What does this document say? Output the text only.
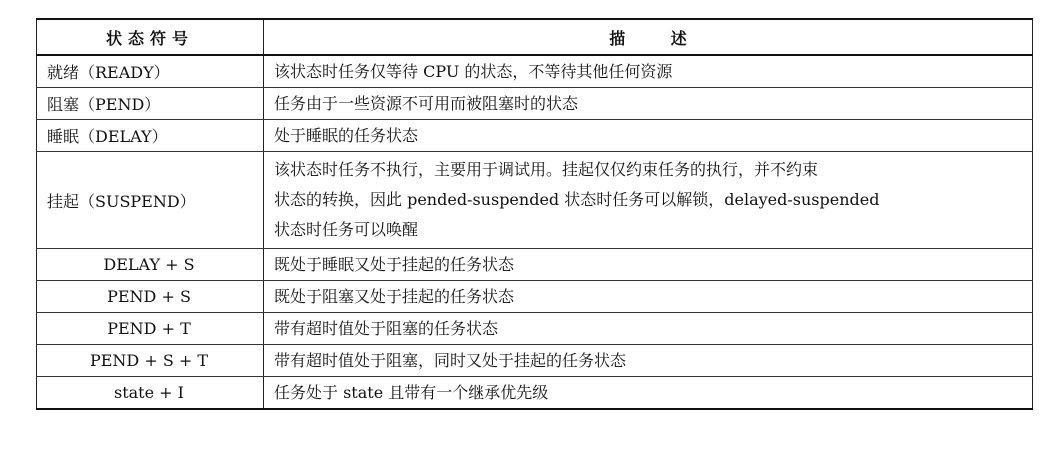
状态符号	描 述
就绪（READY）	该状态时任务仅等待 CPU 的状态，不等待其他任何资源
阻塞（PEND）	任务由于一些资源不可用而被阻塞时的状态
睡眠（DELAY）	处于睡眠的任务状态
挂起（SUSPEND）	该状态时任务不执行，主要用于调试用。挂起仅仅约束任务的执行，并不约束
状态的转换，因此 pended-suspended 状态时任务可以解锁，delayed-suspended
状态时任务可以唤醒

DELAY + S	既处于睡眠又处于挂起的任务状态
PEND + S	既处于阻塞又处于挂起的任务状态
PEND + T	带有超时值处于阻塞的任务状态
PEND + S + T	带有超时值处于阻塞，同时又处于挂起的任务状态
state + I	任务处于 state 且带有一个继承优先级
